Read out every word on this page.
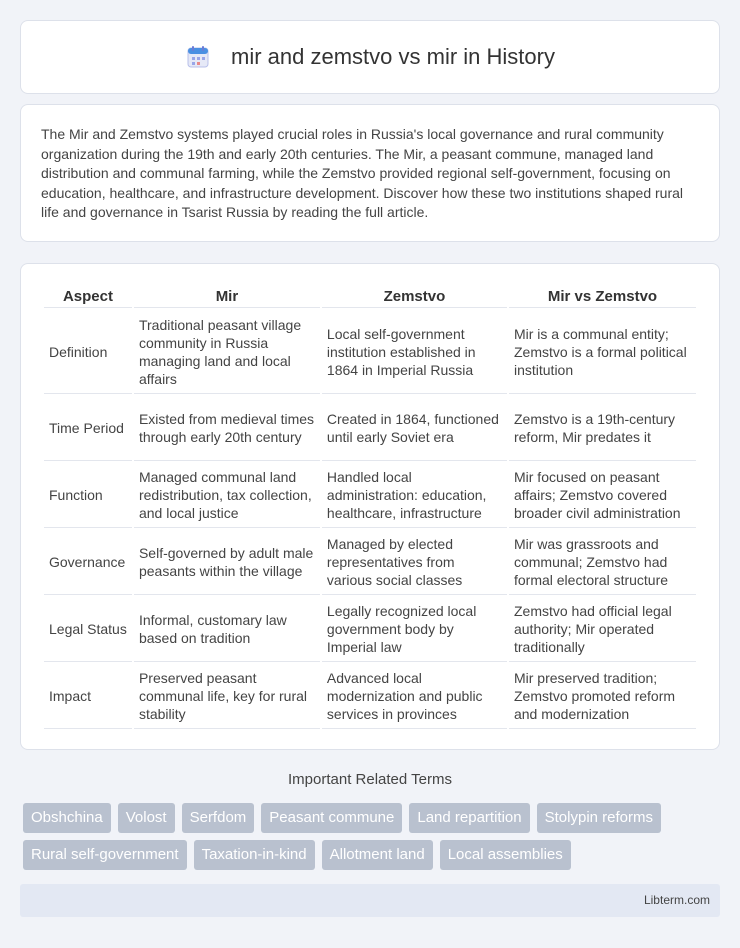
mir and zemstvo vs mir in History

The Mir and Zemstvo systems played crucial roles in Russia's local governance and rural community organization during the 19th and early 20th centuries. The Mir, a peasant commune, managed land distribution and communal farming, while the Zemstvo provided regional self-government, focusing on education, healthcare, and infrastructure development. Discover how these two institutions shaped rural life and governance in Tsarist Russia by reading the full article.

Aspect	Mir	Zemstvo	Mir vs Zemstvo
Definition	Traditional peasant village community in Russia managing land and local affairs	Local self-government institution established in 1864 in Imperial Russia	Mir is a communal entity; Zemstvo is a formal political institution
Time Period	Existed from medieval times through early 20th century	Created in 1864, functioned until early Soviet era	Zemstvo is a 19th-century reform, Mir predates it
Function	Managed communal land redistribution, tax collection, and local justice	Handled local administration: education, healthcare, infrastructure	Mir focused on peasant affairs; Zemstvo covered broader civil administration
Governance	Self-governed by adult male peasants within the village	Managed by elected representatives from various social classes	Mir was grassroots and communal; Zemstvo had formal electoral structure
Legal Status	Informal, customary law based on tradition	Legally recognized local government body by Imperial law	Zemstvo had official legal authority; Mir operated traditionally
Impact	Preserved peasant communal life, key for rural stability	Advanced local modernization and public services in provinces	Mir preserved tradition; Zemstvo promoted reform and modernization
Important Related Terms
Obshchina	Volost	Serfdom	Peasant commune	Land repartition	Stolypin reforms
Rural self-government	Taxation-in-kind	Allotment land	Local assemblies
Libterm.com
